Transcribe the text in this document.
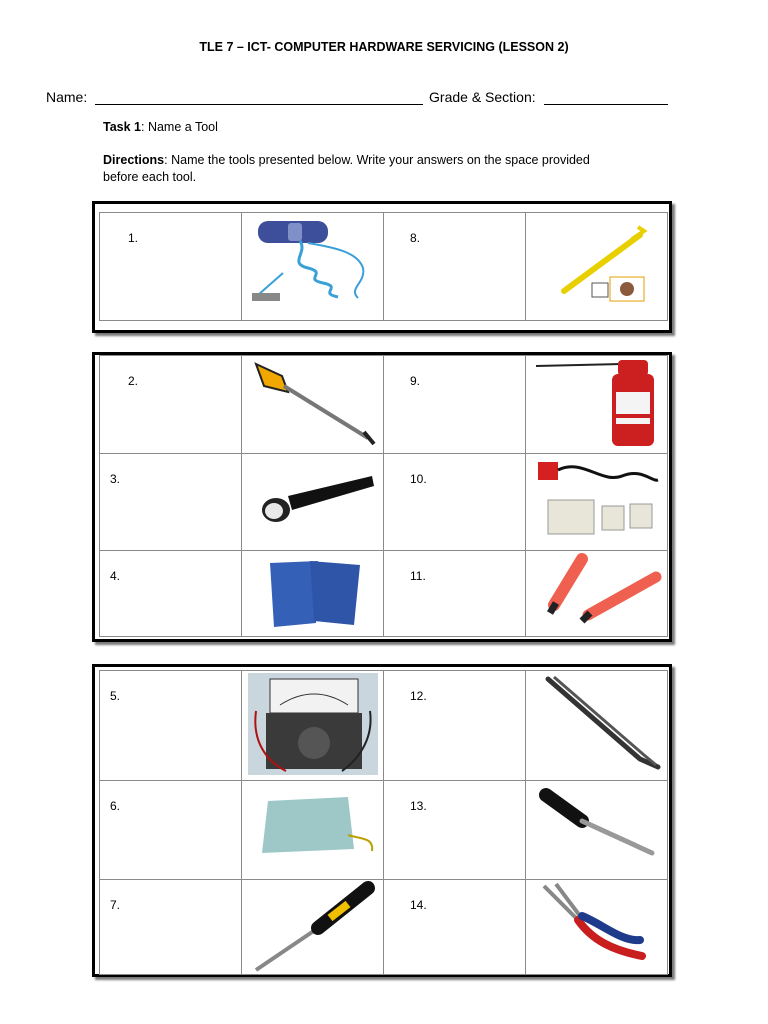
TLE 7 – ICT- COMPUTER HARDWARE SERVICING (LESSON 2)
Name:	Grade & Section:
Task 1: Name a Tool
Directions: Name the tools presented below. Write your answers on the space provided before each tool.
1.		8.

2.		9.

3.		10.

4.		11.

5.		12.

6.		13.

7.		14.
